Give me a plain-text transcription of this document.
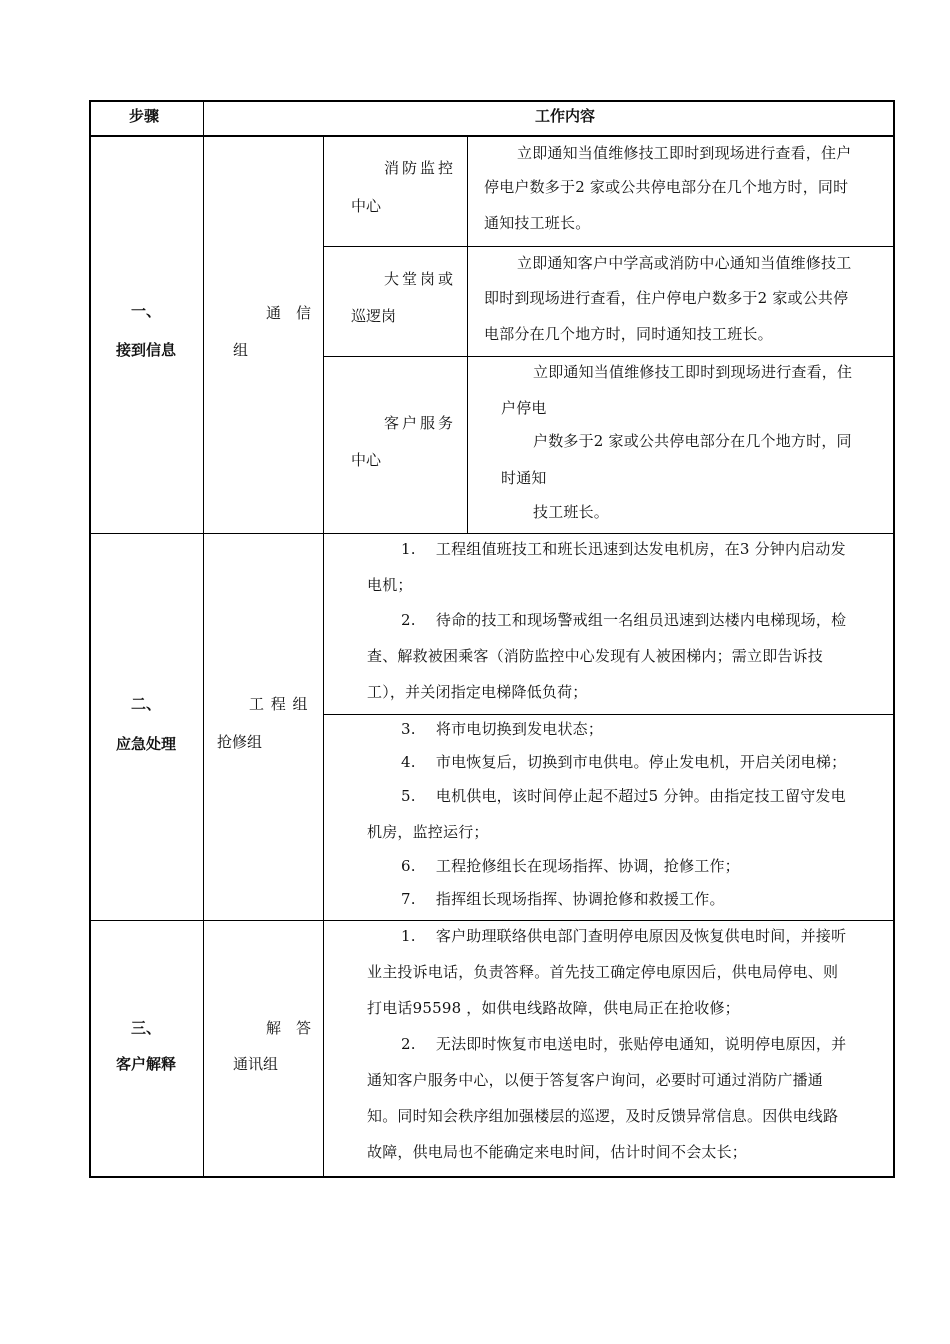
步骤	工作内容
一、
接到信息
通　信
组
消防监控
中心
立即通知当值维修技工即时到现场进行查看，住户
停电户数多于2 家或公共停电部分在几个地方时，同时
通知技工班长。
大堂岗或
巡逻岗
立即通知客户中学高或消防中心通知当值维修技工
即时到现场进行查看，住户停电户数多于2 家或公共停
电部分在几个地方时，同时通知技工班长。
客户服务
中心
立即通知当值维修技工即时到现场进行查看，住
户停电
户数多于2 家或公共停电部分在几个地方时，同
时通知
技工班长。
二、
应急处理
工 程 组
抢修组
1.　 工程组值班技工和班长迅速到达发电机房，在3 分钟内启动发
电机；
2.　 待命的技工和现场警戒组一名组员迅速到达楼内电梯现场，检
查、解救被困乘客（消防监控中心发现有人被困梯内；需立即告诉技
工），并关闭指定电梯降低负荷；
3.　 将市电切换到发电状态；
4.　 市电恢复后，切换到市电供电。停止发电机，开启关闭电梯；
5.　 电机供电，该时间停止起不超过5 分钟。由指定技工留守发电
机房，监控运行；
6.　 工程抢修组长在现场指挥、协调，抢修工作；
7.　 指挥组长现场指挥、协调抢修和救援工作。
三、
客户解释
解　答
通讯组
1.　 客户助理联络供电部门查明停电原因及恢复供电时间，并接听
业主投诉电话，负责答释。首先技工确定停电原因后，供电局停电、则
打电话95598 ，如供电线路故障，供电局正在抢收修；
2.　 无法即时恢复市电送电时，张贴停电通知，说明停电原因，并
通知客户服务中心，以便于答复客户询问，必要时可通过消防广播通
知。同时知会秩序组加强楼层的巡逻，及时反馈异常信息。因供电线路
故障，供电局也不能确定来电时间，估计时间不会太长；
